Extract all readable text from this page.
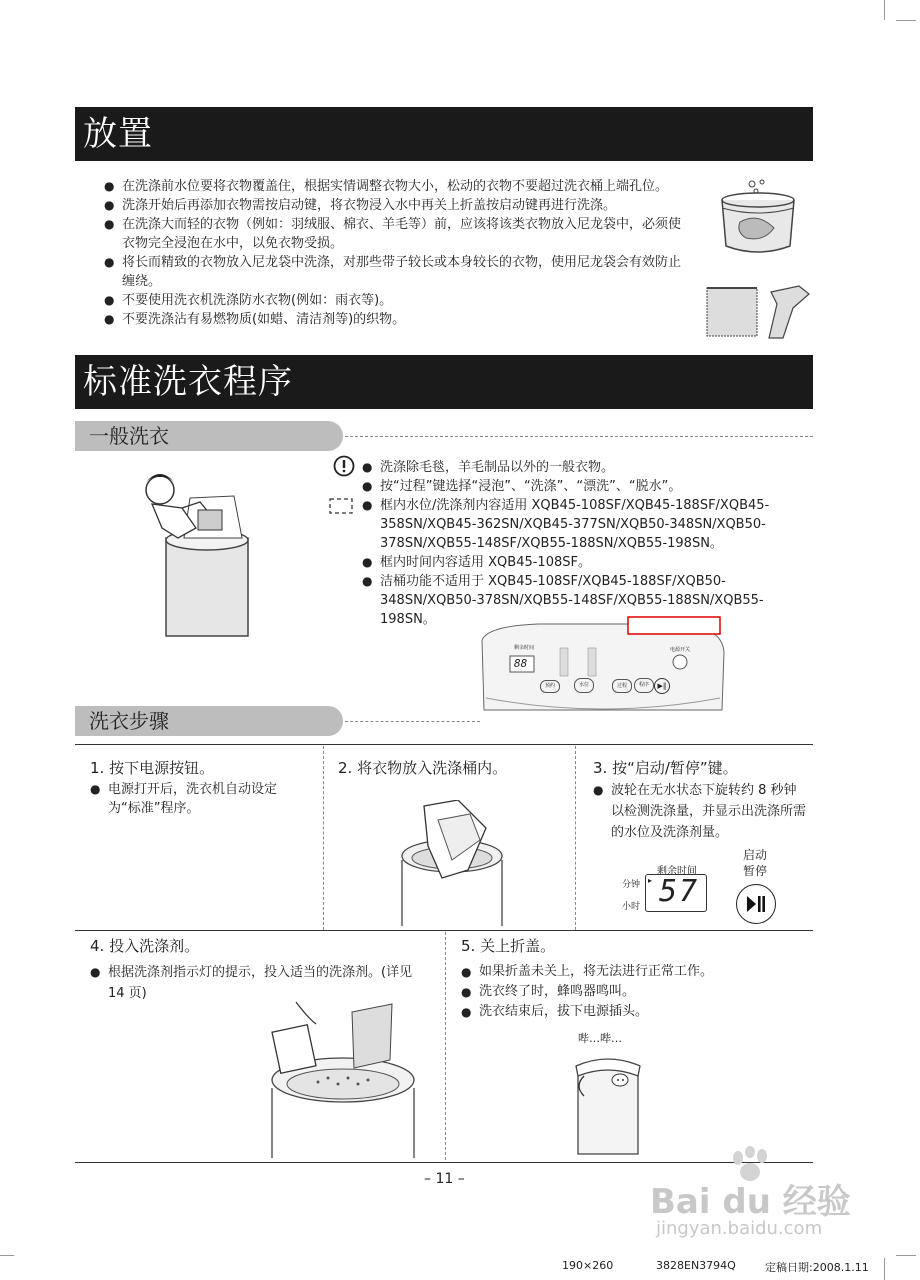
放置
● 在洗涤前水位要将衣物覆盖住，根据实情调整衣物大小，松动的衣物不要超过洗衣桶上端孔位。
● 洗涤开始后再添加衣物需按启动键，将衣物浸入水中再关上折盖按启动键再进行洗涤。
● 在洗涤大而轻的衣物（例如：羽绒服、棉衣、羊毛等）前，应该将该类衣物放入尼龙袋中，必须使衣物完全浸泡在水中，以免衣物受损。
● 将长而精致的衣物放入尼龙袋中洗涤，对那些带子较长或本身较长的衣物，使用尼龙袋会有效防止缠绕。
● 不要使用洗衣机洗涤防水衣物(例如：雨衣等)。
● 不要洗涤沾有易燃物质(如蜡、清洁剂等)的织物。
标准洗衣程序
一般洗衣
● 洗涤除毛毯，羊毛制品以外的一般衣物。
● 按“过程”键选择“浸泡”、“洗涤”、“漂洗”、“脱水”。
● 框内水位/洗涤剂内容适用 XQB45-108SF/XQB45-188SF/XQB45-358SN/XQB45-362SN/XQB45-377SN/XQB50-348SN/XQB50-378SN/XQB55-148SF/XQB55-188SN/XQB55-198SN。
● 框内时间内容适用 XQB45-108SF。
● 洁桶功能不适用于 XQB45-108SF/XQB45-188SF/XQB50-348SN/XQB50-378SN/XQB55-148SF/XQB55-188SN/XQB55-198SN。
剩余时间
88
电源开关
预约	水位	过程	程序	▶‖
洗衣步骤
1. 按下电源按钮。
● 电源打开后，洗衣机自动设定为“标准”程序。
2. 将衣物放入洗涤桶内。	3. 按“启动/暂停”键。
● 波轮在无水状态下旋转约 8 秒钟以检测洗涤量，并显示出洗涤所需的水位及洗涤剂量。
剩余时间
分钟
小时
▸ 57
启动
暂停
4. 投入洗涤剂。
● 根据洗涤剂指示灯的提示，投入适当的洗涤剂。(详见 14 页)
5. 关上折盖。
● 如果折盖未关上，将无法进行正常工作。
● 洗衣终了时，蜂鸣器鸣叫。
● 洗衣结束后，拔下电源插头。
哔…哔…
– 11 –
Bai du 经验
jingyan.baidu.com
190×260	3828EN3794Q	定稿日期:2008.1.11
